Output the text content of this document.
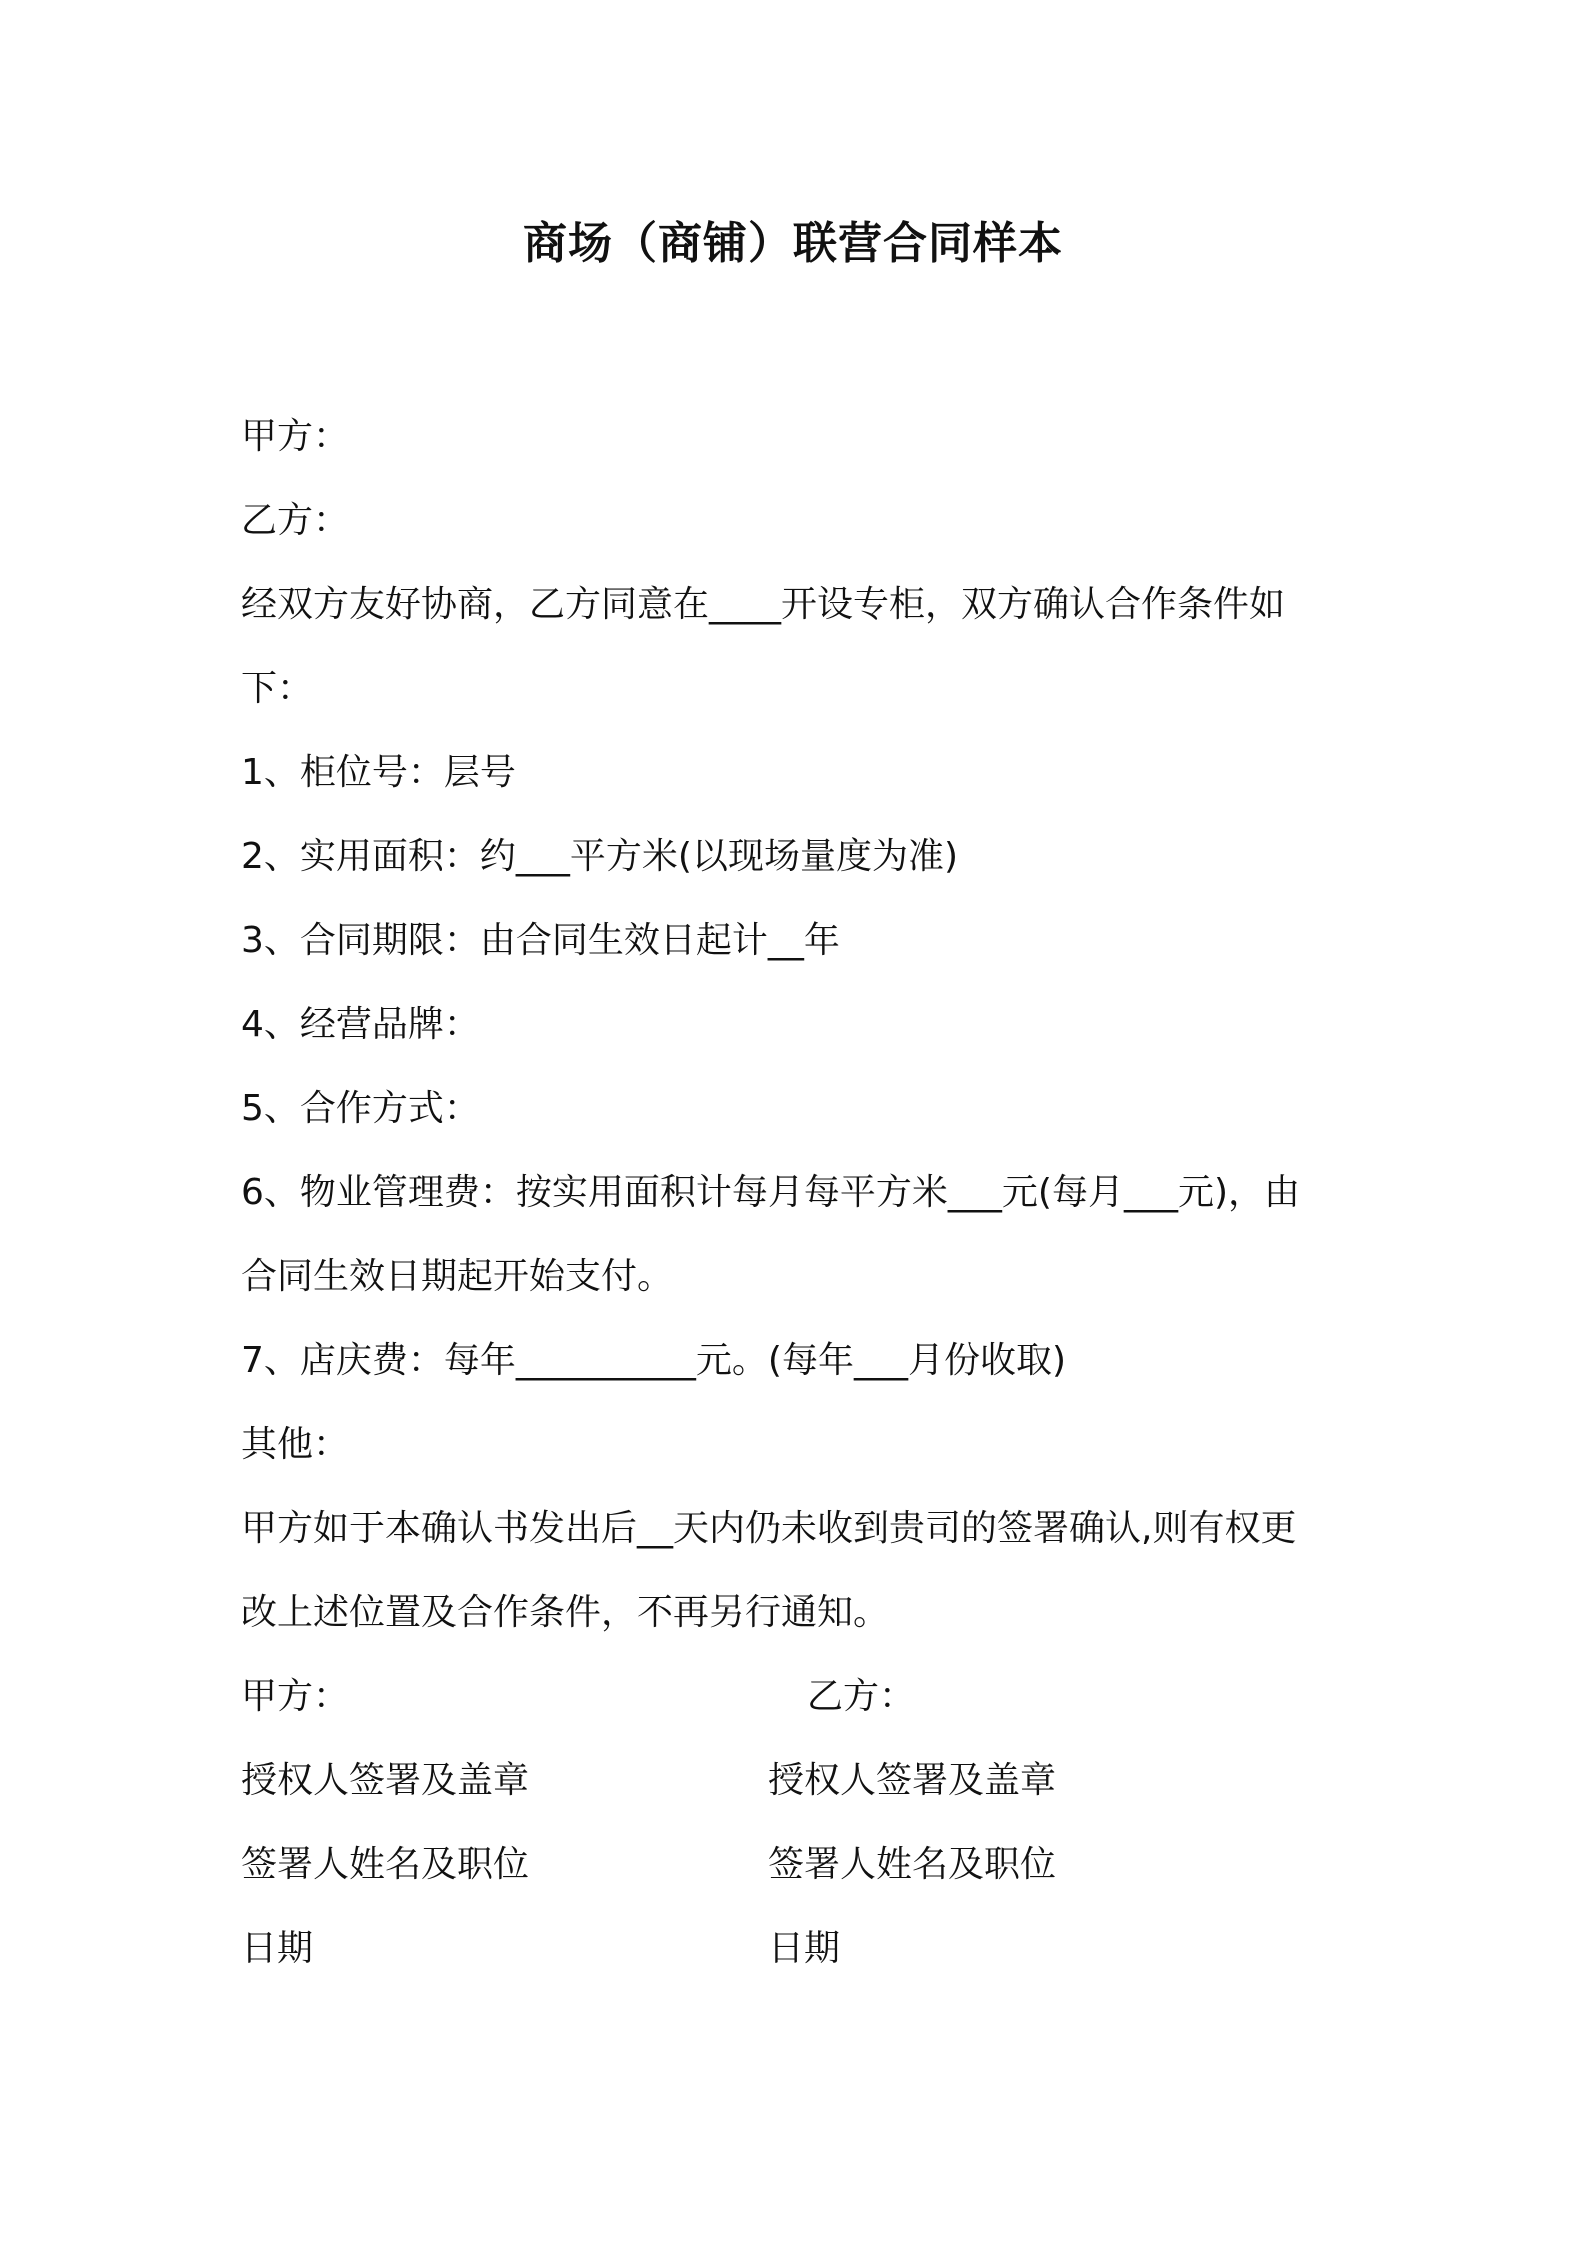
商场（商铺）联营合同样本
甲方：
乙方：
经双方友好协商，乙方同意在____开设专柜，双方确认合作条件如
下：
1、柜位号：层号
2、实用面积：约___平方米(以现场量度为准)
3、合同期限：由合同生效日起计__年
4、经营品牌：
5、合作方式：
6、物业管理费：按实用面积计每月每平方米___元(每月___元)，由
合同生效日期起开始支付。
7、店庆费：每年__________元。(每年___月份收取)
其他：
甲方如于本确认书发出后__天内仍未收到贵司的签署确认,则有权更
改上述位置及合作条件，不再另行通知。
甲方：	乙方：
授权人签署及盖章	授权人签署及盖章
签署人姓名及职位	签署人姓名及职位
日期	日期
